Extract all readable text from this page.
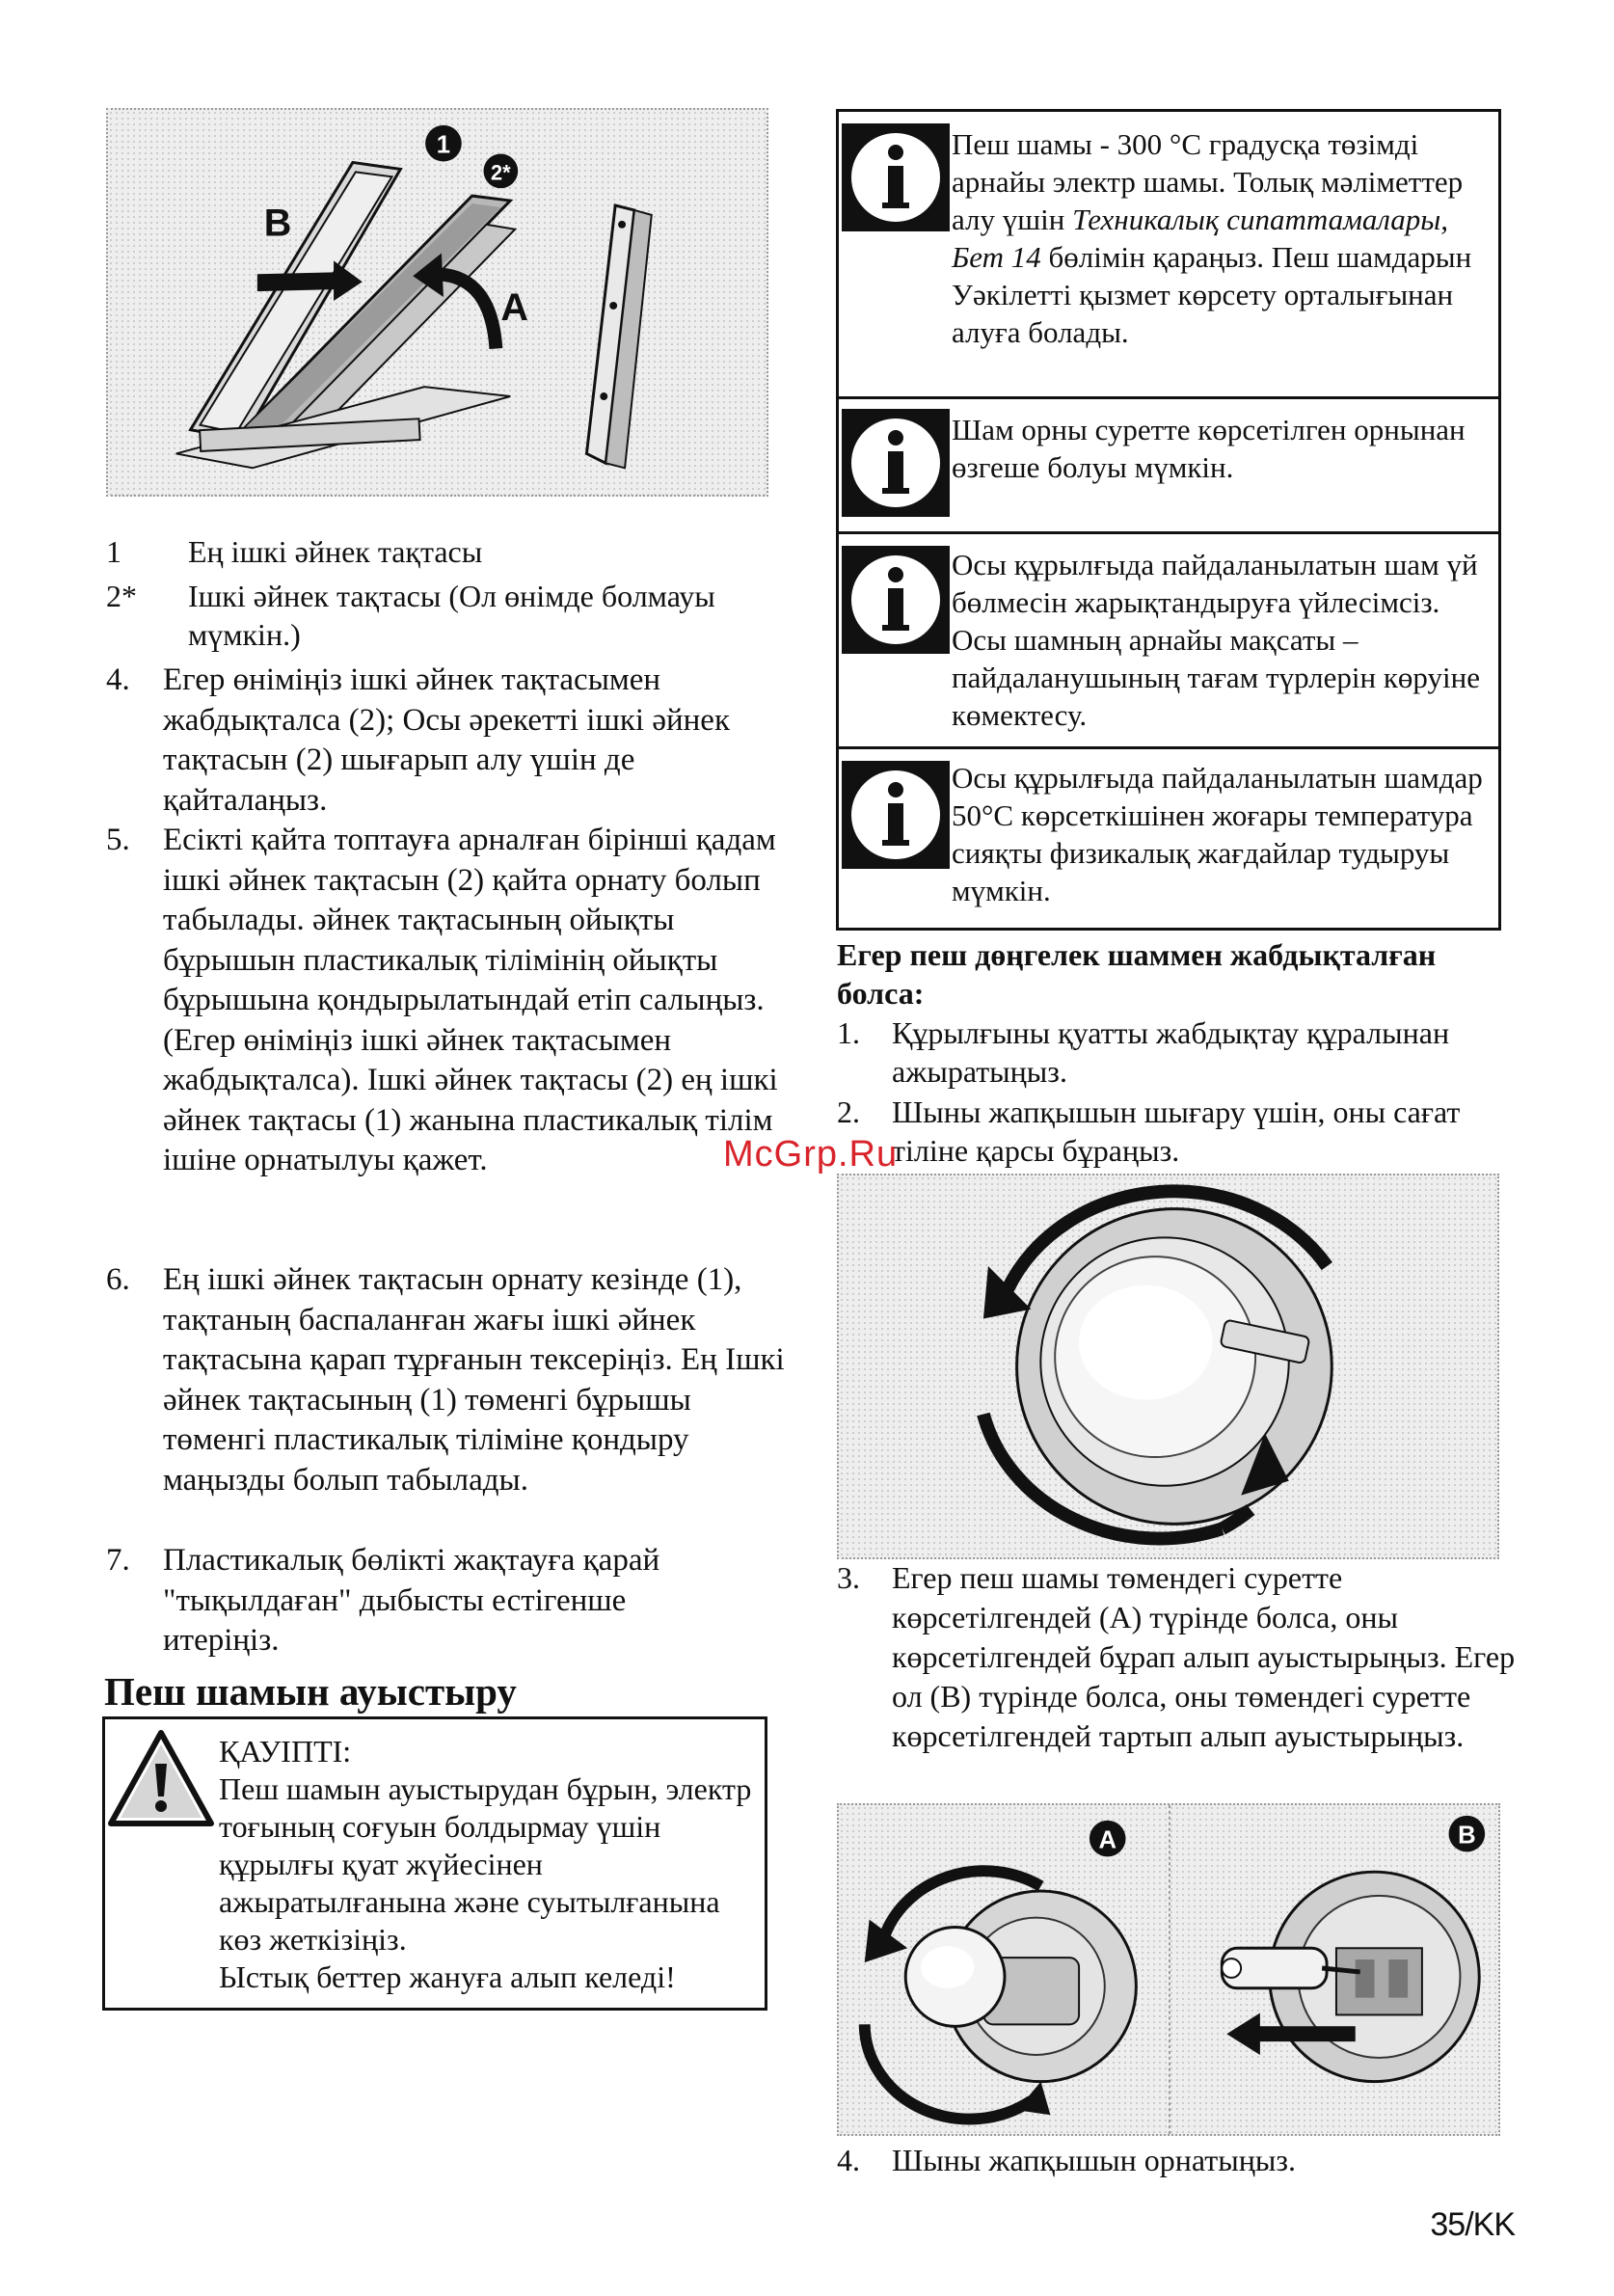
1
2*
B
A
1 Ең ішкі әйнек тақтасы
2* Ішкі әйнек тақтасы (Ол өнімде болмауы мүмкін.)
4. Егер өніміңіз ішкі әйнек тақтасымен жабдықталса (2); Осы әрекетті ішкі әйнек тақтасын (2) шығарып алу үшін де қайталаңыз.
5. Есікті қайта топтауға арналған бірінші қадам ішкі әйнек тақтасын (2) қайта орнату болып табылады. әйнек тақтасының ойықты бұрышын пластикалық тілімінің ойықты бұрышына қондырылатындай етіп салыңыз. (Егер өніміңіз ішкі әйнек тақтасымен жабдықталса). Ішкі әйнек тақтасы (2) ең ішкі әйнек тақтасы (1) жанына пластикалық тілім ішіне орнатылуы қажет.
6. Ең ішкі әйнек тақтасын орнату кезінде (1), тақтаның баспаланған жағы ішкі әйнек тақтасына қарап тұрғанын тексеріңіз. Ең Ішкі әйнек тақтасының (1) төменгі бұрышы төменгі пластикалық тіліміне қондыру маңызды болып табылады.
7. Пластикалық бөлікті жақтауға қарай "тықылдаған" дыбысты естігенше итеріңіз.
Пеш шамын ауыстыру
ҚАУІПТІ:
Пеш шамын ауыстырудан бұрын, электр тоғының соғуын болдырмау үшін құрылғы қуат жүйесінен ажыратылғанына және суытылғанына көз жеткізіңіз.
Ыстық беттер жануға алып келеді!
Пеш шамы - 300 °C градусқа төзімді арнайы электр шамы. Толық мәліметтер алу үшін Техникалық сипаттамалары, Бет 14 бөлімін қараңыз. Пеш шамдарын Уәкілетті қызмет көрсету орталығынан алуға болады.
Шам орны суретте көрсетілген орнынан өзгеше болуы мүмкін.
Осы құрылғыда пайдаланылатын шам үй бөлмесін жарықтандыруға үйлесімсіз. Осы шамның арнайы мақсаты – пайдаланушының тағам түрлерін көруіне көмектесу.
Осы құрылғыда пайдаланылатын шамдар 50°C көрсеткішінен жоғары температура сияқты физикалық жағдайлар тудыруы мүмкін.
Егер пеш дөңгелек шаммен жабдықталған болса:
1. Құрылғыны қуатты жабдықтау құралынан ажыратыңыз.
2. Шыны жапқышын шығару үшін, оны сағат тіліне қарсы бұраңыз.
3. Егер пеш шамы төмендегі суретте көрсетілгендей (А) түрінде болса, оны көрсетілгендей бұрап алып ауыстырыңыз. Егер ол (В) түрінде болса, оны төмендегі суретте көрсетілгендей тартып алып ауыстырыңыз.
A	B
4. Шыны жапқышын орнатыңыз.
McGrp.Ru
35/KK
